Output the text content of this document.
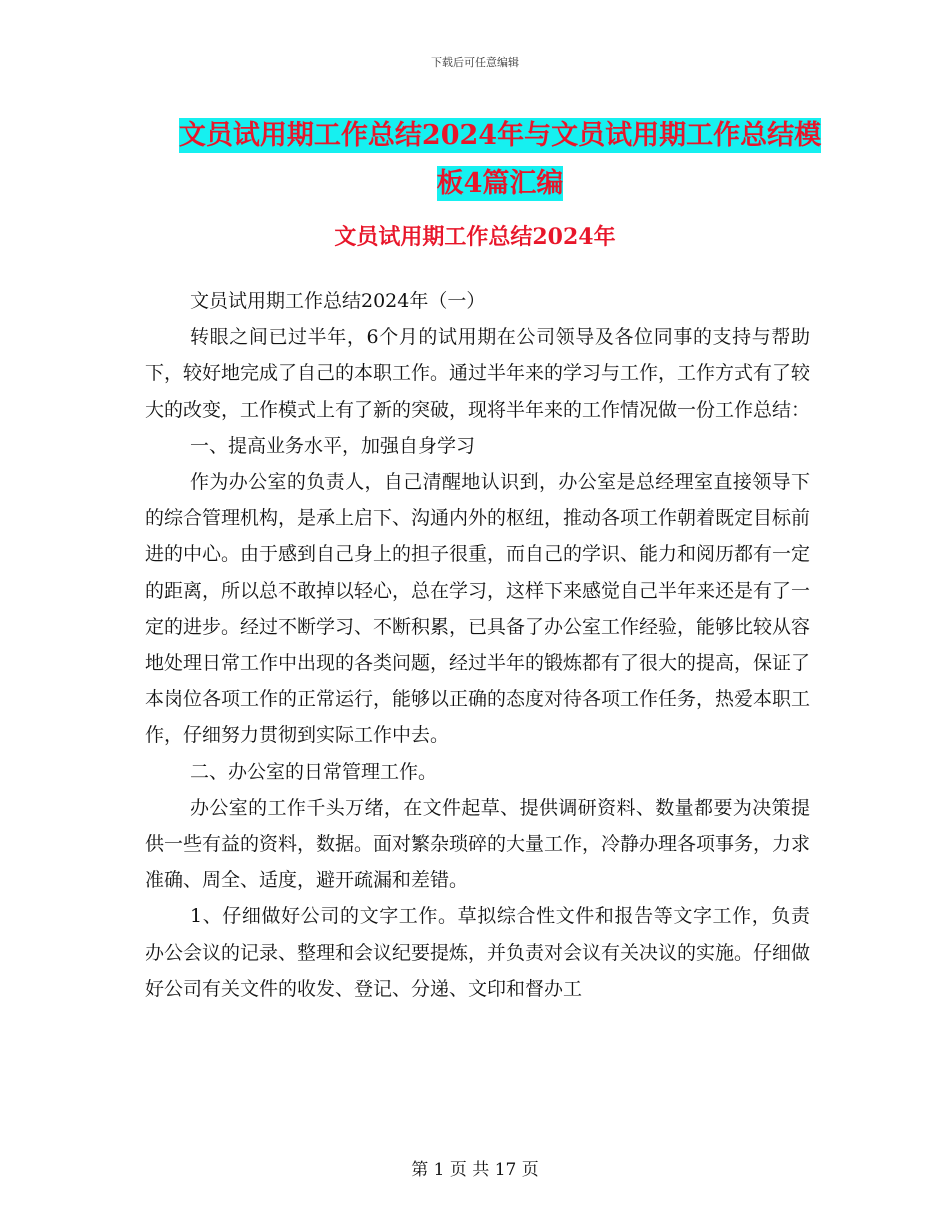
下载后可任意编辑
文员试用期工作总结2024年与文员试用期工作总结模
板4篇汇编
文员试用期工作总结2024年

文员试用期工作总结2024年（一）

转眼之间已过半年，6个月的试用期在公司领导及各位同事的支持与帮助下，较好地完成了自己的本职工作。通过半年来的学习与工作，工作方式有了较大的改变，工作模式上有了新的突破，现将半年来的工作情况做一份工作总结：

一、提高业务水平，加强自身学习

作为办公室的负责人，自己清醒地认识到，办公室是总经理室直接领导下的综合管理机构，是承上启下、沟通内外的枢纽，推动各项工作朝着既定目标前进的中心。由于感到自己身上的担子很重，而自己的学识、能力和阅历都有一定的距离，所以总不敢掉以轻心，总在学习，这样下来感觉自己半年来还是有了一定的进步。经过不断学习、不断积累，已具备了办公室工作经验，能够比较从容地处理日常工作中出现的各类问题，经过半年的锻炼都有了很大的提高，保证了本岗位各项工作的正常运行，能够以正确的态度对待各项工作任务，热爱本职工作，仔细努力贯彻到实际工作中去。

二、办公室的日常管理工作。

办公室的工作千头万绪，在文件起草、提供调研资料、数量都要为决策提供一些有益的资料，数据。面对繁杂琐碎的大量工作，冷静办理各项事务，力求准确、周全、适度，避开疏漏和差错。

1、仔细做好公司的文字工作。草拟综合性文件和报告等文字工作，负责办公会议的记录、整理和会议纪要提炼，并负责对会议有关决议的实施。仔细做好公司有关文件的收发、登记、分递、文印和督办工

第 1 页 共 17 页
